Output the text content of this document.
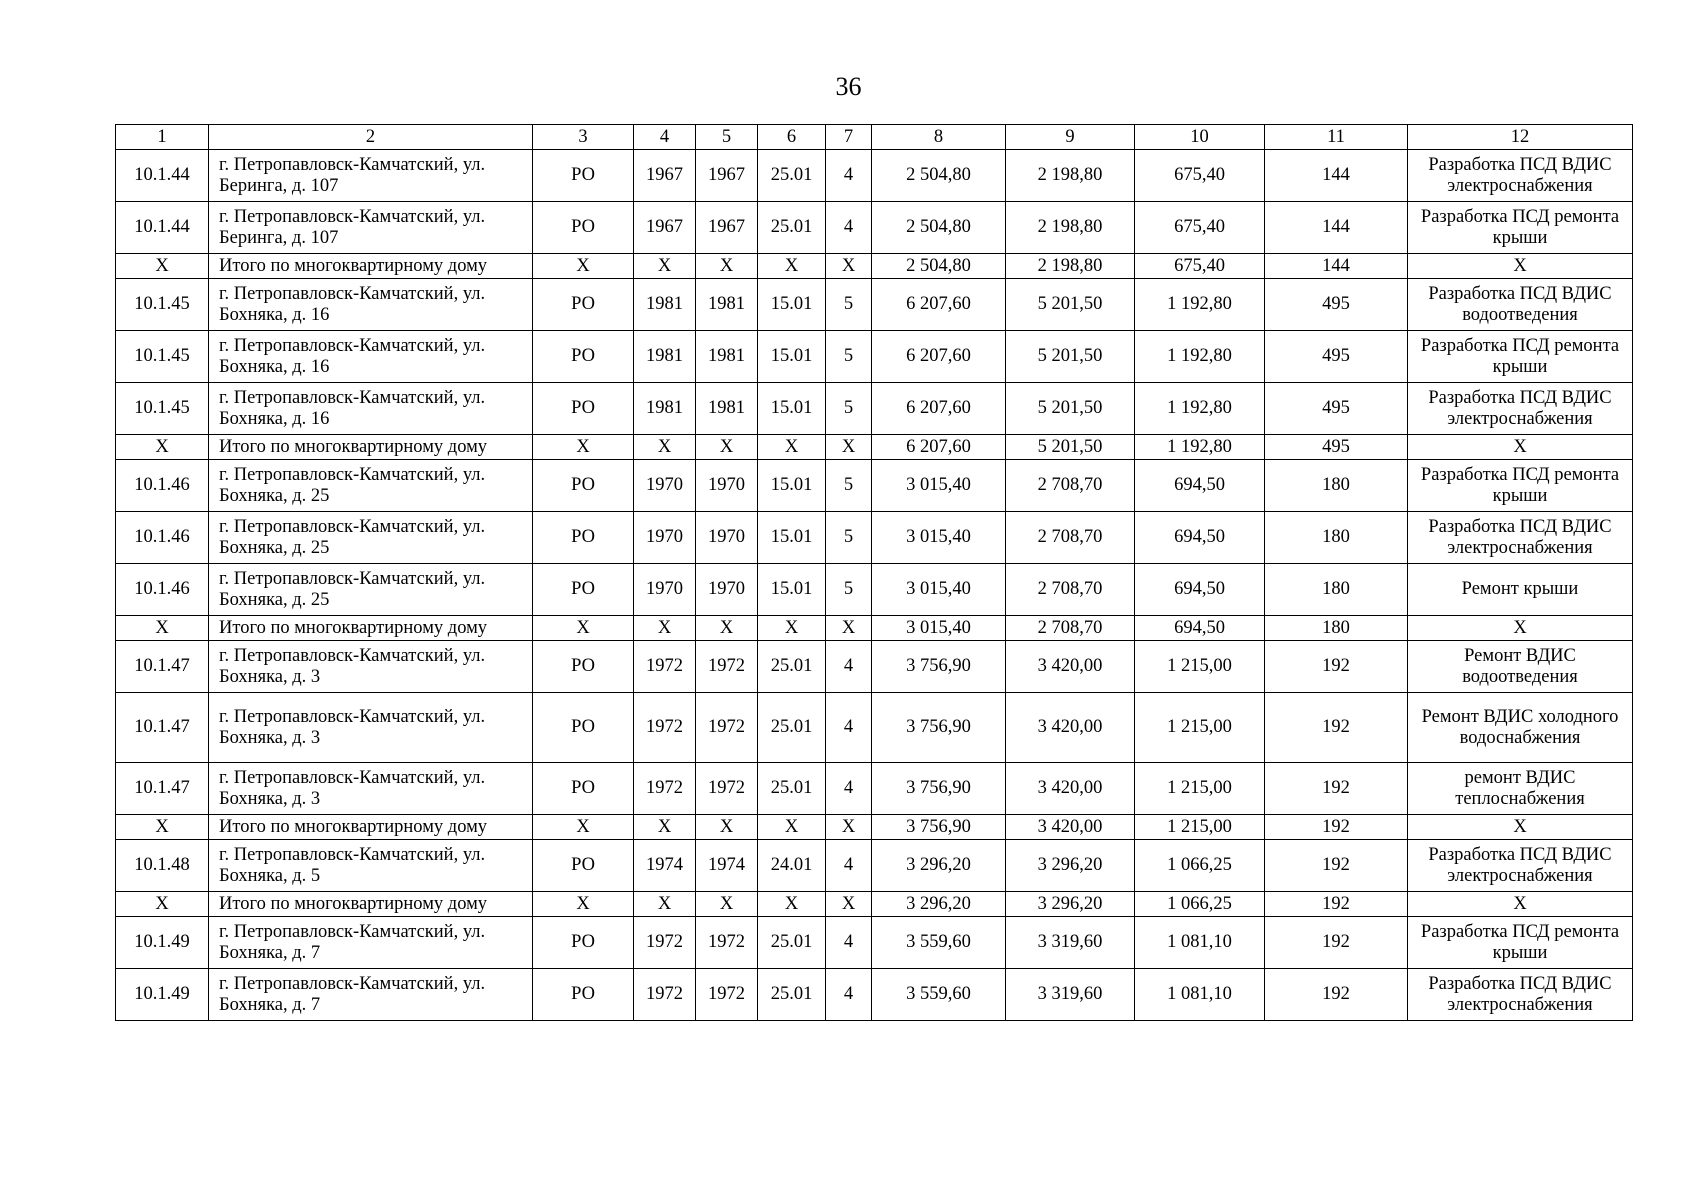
36
1	2	3	4	5	6	7	8	9	10	11	12
10.1.44	г. Петропавловск-Камчатский, ул. Беринга, д. 107	РО	1967	1967	25.01	4	2 504,80	2 198,80	675,40	144	Разработка ПСД ВДИС электроснабжения
10.1.44	г. Петропавловск-Камчатский, ул. Беринга, д. 107	РО	1967	1967	25.01	4	2 504,80	2 198,80	675,40	144	Разработка ПСД ремонта крыши
X	Итого по многоквартирному дому	X	X	X	X	X	2 504,80	2 198,80	675,40	144	X
10.1.45	г. Петропавловск-Камчатский, ул. Бохняка, д. 16	РО	1981	1981	15.01	5	6 207,60	5 201,50	1 192,80	495	Разработка ПСД ВДИС водоотведения
10.1.45	г. Петропавловск-Камчатский, ул. Бохняка, д. 16	РО	1981	1981	15.01	5	6 207,60	5 201,50	1 192,80	495	Разработка ПСД ремонта крыши
10.1.45	г. Петропавловск-Камчатский, ул. Бохняка, д. 16	РО	1981	1981	15.01	5	6 207,60	5 201,50	1 192,80	495	Разработка ПСД ВДИС электроснабжения
X	Итого по многоквартирному дому	X	X	X	X	X	6 207,60	5 201,50	1 192,80	495	X
10.1.46	г. Петропавловск-Камчатский, ул. Бохняка, д. 25	РО	1970	1970	15.01	5	3 015,40	2 708,70	694,50	180	Разработка ПСД ремонта крыши
10.1.46	г. Петропавловск-Камчатский, ул. Бохняка, д. 25	РО	1970	1970	15.01	5	3 015,40	2 708,70	694,50	180	Разработка ПСД ВДИС электроснабжения
10.1.46	г. Петропавловск-Камчатский, ул. Бохняка, д. 25	РО	1970	1970	15.01	5	3 015,40	2 708,70	694,50	180	Ремонт крыши
X	Итого по многоквартирному дому	X	X	X	X	X	3 015,40	2 708,70	694,50	180	X
10.1.47	г. Петропавловск-Камчатский, ул. Бохняка, д. 3	РО	1972	1972	25.01	4	3 756,90	3 420,00	1 215,00	192	Ремонт ВДИС водоотведения
10.1.47	г. Петропавловск-Камчатский, ул. Бохняка, д. 3	РО	1972	1972	25.01	4	3 756,90	3 420,00	1 215,00	192	Ремонт ВДИС холодного водоснабжения
10.1.47	г. Петропавловск-Камчатский, ул. Бохняка, д. 3	РО	1972	1972	25.01	4	3 756,90	3 420,00	1 215,00	192	ремонт ВДИС теплоснабжения
X	Итого по многоквартирному дому	X	X	X	X	X	3 756,90	3 420,00	1 215,00	192	X
10.1.48	г. Петропавловск-Камчатский, ул. Бохняка, д. 5	РО	1974	1974	24.01	4	3 296,20	3 296,20	1 066,25	192	Разработка ПСД ВДИС электроснабжения
X	Итого по многоквартирному дому	X	X	X	X	X	3 296,20	3 296,20	1 066,25	192	X
10.1.49	г. Петропавловск-Камчатский, ул. Бохняка, д. 7	РО	1972	1972	25.01	4	3 559,60	3 319,60	1 081,10	192	Разработка ПСД ремонта крыши
10.1.49	г. Петропавловск-Камчатский, ул. Бохняка, д. 7	РО	1972	1972	25.01	4	3 559,60	3 319,60	1 081,10	192	Разработка ПСД ВДИС электроснабжения
